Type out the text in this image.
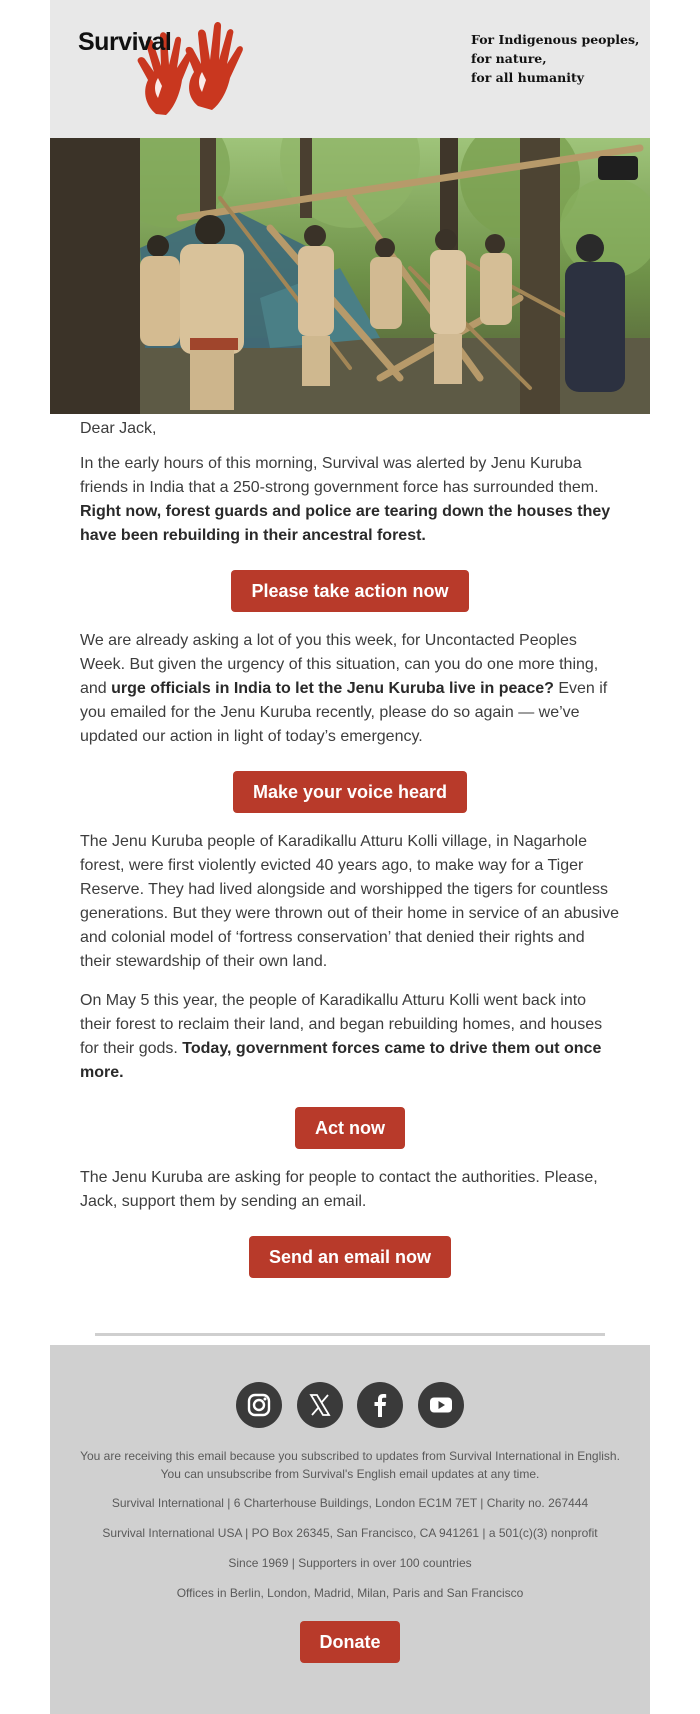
Survival	For Indigenous peoples,
for nature,
for all humanity

Dear Jack,

In the early hours of this morning, Survival was alerted by Jenu Kuruba friends in India that a 250-strong government force has surrounded them. Right now, forest guards and police are tearing down the houses they have been rebuilding in their ancestral forest.

Please take action now

We are already asking a lot of you this week, for Uncontacted Peoples Week. But given the urgency of this situation, can you do one more thing, and urge officials in India to let the Jenu Kuruba live in peace? Even if you emailed for the Jenu Kuruba recently, please do so again — we’ve updated our action in light of today’s emergency.

Make your voice heard

The Jenu Kuruba people of Karadikallu Atturu Kolli village, in Nagarhole forest, were first violently evicted 40 years ago, to make way for a Tiger Reserve. They had lived alongside and worshipped the tigers for countless generations. But they were thrown out of their home in service of an abusive and colonial model of ‘fortress conservation’ that denied their rights and their stewardship of their own land.

On May 5 this year, the people of Karadikallu Atturu Kolli went back into their forest to reclaim their land, and began rebuilding homes, and houses for their gods. Today, government forces came to drive them out once more.

Act now

The Jenu Kuruba are asking for people to contact the authorities. Please, Jack, support them by sending an email.

Send an email now

You are receiving this email because you subscribed to updates from Survival International in English.
You can unsubscribe from Survival's English email updates at any time.
Survival International | 6 Charterhouse Buildings, London EC1M 7ET | Charity no. 267444
Survival International USA | PO Box 26345, San Francisco, CA 941261 | a 501(c)(3) nonprofit
Since 1969 | Supporters in over 100 countries
Offices in Berlin, London, Madrid, Milan, Paris and San Francisco
Donate
